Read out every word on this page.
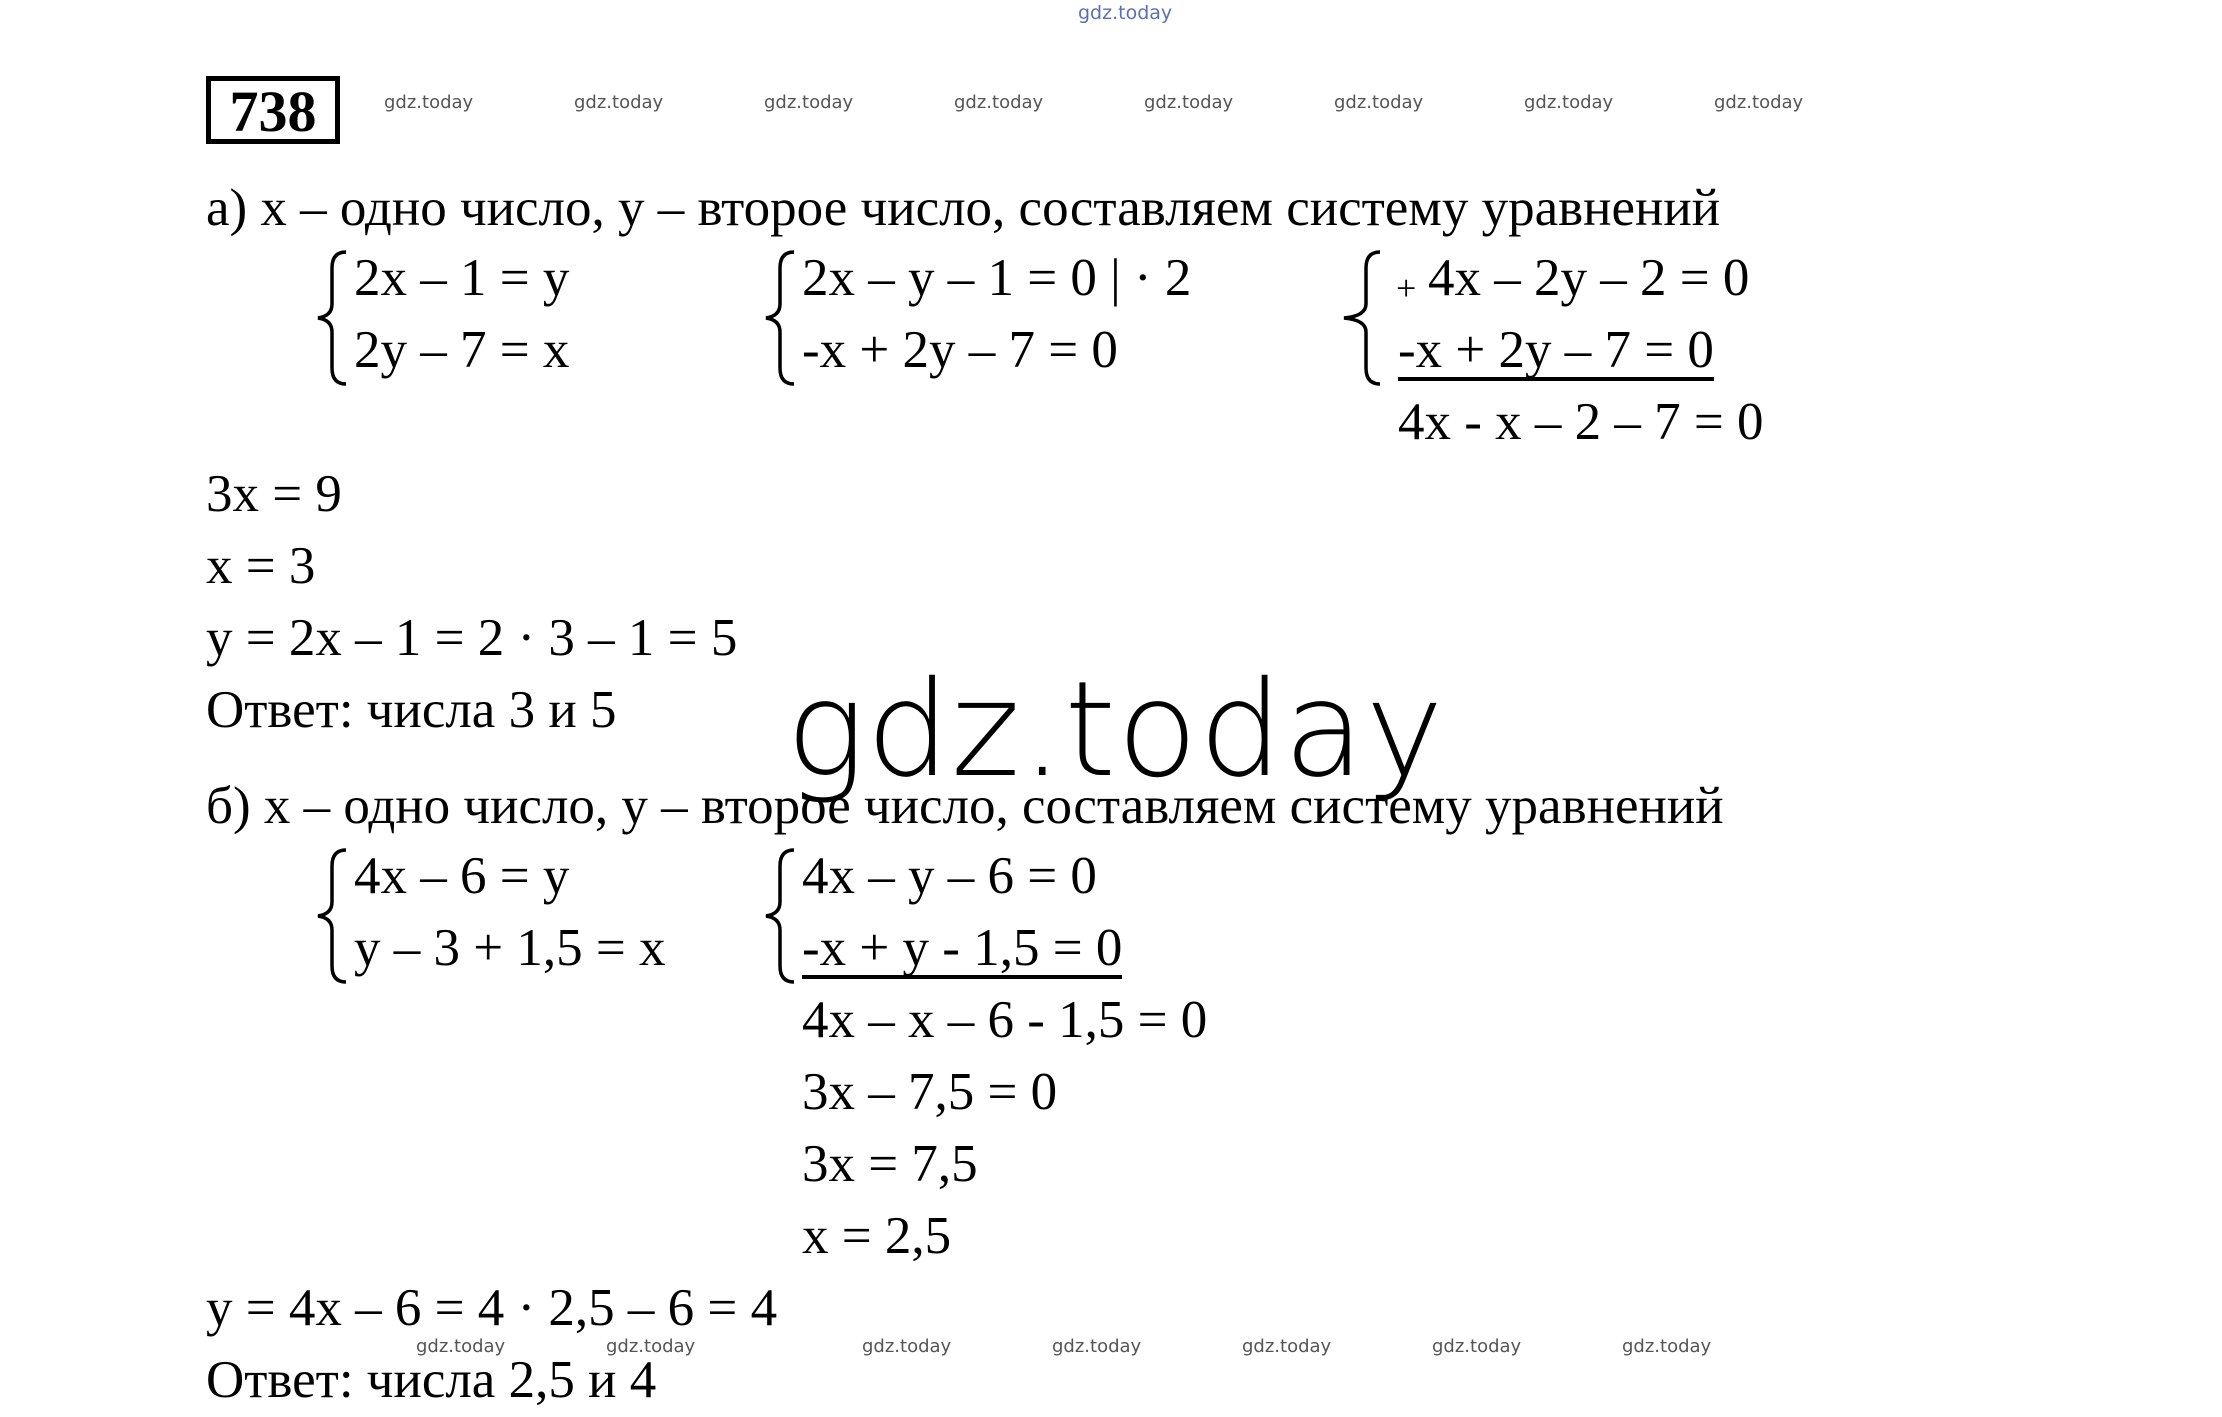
gdz.today
738	gdz.today	gdz.today	gdz.today	gdz.today	gdz.today	gdz.today	gdz.today	gdz.today
а) x – одно число, y – второе число, составляем систему уравнений
2x – 1 = y
2y – 7 = x
2x – y – 1 = 0 | · 2
-x + 2y – 7 = 0
+ 4x – 2y – 2 = 0
-x + 2y – 7 = 0
4x - x – 2 – 7 = 0
3x = 9
x = 3
y = 2x – 1 = 2 · 3 – 1 = 5
Ответ: числа 3 и 5 gdz.today
б) x – одно число, y – второе число, составляем систему уравнений
4x – 6 = y
y – 3 + 1,5 = x
4x – y – 6 = 0
-x + y - 1,5 = 0
4x – x – 6 - 1,5 = 0
3x – 7,5 = 0
3x = 7,5
x = 2,5
y = 4x – 6 = 4 · 2,5 – 6 = 4
gdz.today	gdz.today	gdz.today	gdz.today	gdz.today	gdz.today	gdz.today
Ответ: числа 2,5 и 4
